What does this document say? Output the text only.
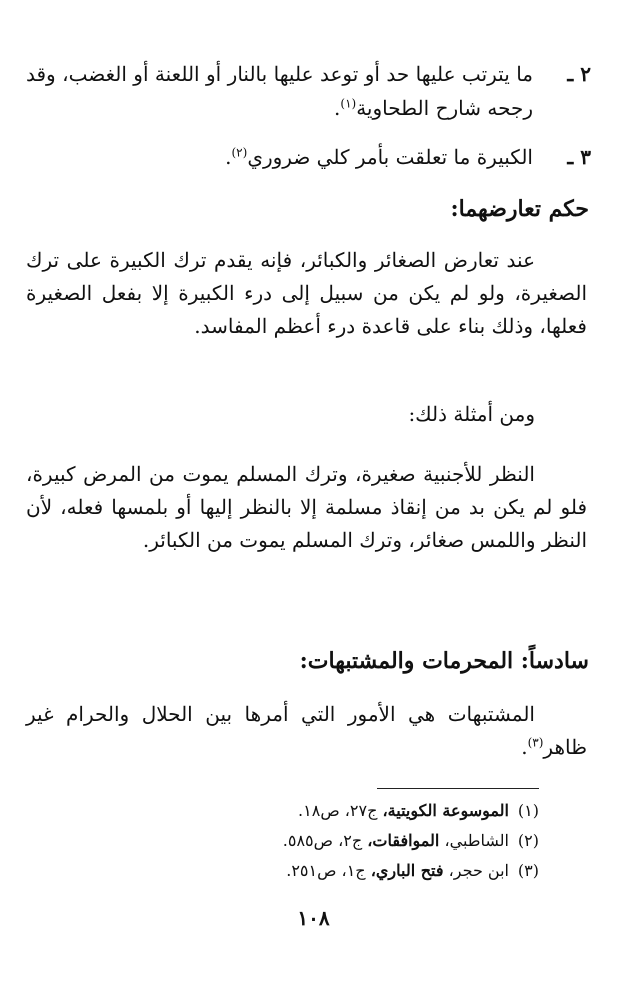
٢ ـ
ما يترتب عليها حد أو توعد عليها بالنار أو اللعنة أو الغضب، وقد رجحه شارح الطحاوية$^{(١)}$.
٣ ـ
الكبيرة ما تعلقت بأمر كلي ضروري$^{(٢)}$.
حكم تعارضهما:
عند تعارض الصغائر والكبائر، فإنه يقدم ترك الكبيرة على ترك الصغيرة، ولو لم يكن من سبيل إلى درء الكبيرة إلا بفعل الصغيرة فعلها، وذلك بناء على قاعدة درء أعظم المفاسد.
ومن أمثلة ذلك:
النظر للأجنبية صغيرة، وترك المسلم يموت من المرض كبيرة، فلو لم يكن بد من إنقاذ مسلمة إلا بالنظر إليها أو بلمسها فعله، لأن النظر واللمس صغائر، وترك المسلم يموت من الكبائر.
سادساً: المحرمات والمشتبهات:
المشتبهات هي الأمور التي أمرها بين الحلال والحرام غير ظاهر$^{(٣)}$.
(١)الموسوعة الكويتية، ج٢٧، ص١٨.
(٢)الشاطبي، الموافقات، ج٢، ص٥٨٥.
(٣)ابن حجر، فتح الباري، ج١، ص٢٥١.
١٠٨
